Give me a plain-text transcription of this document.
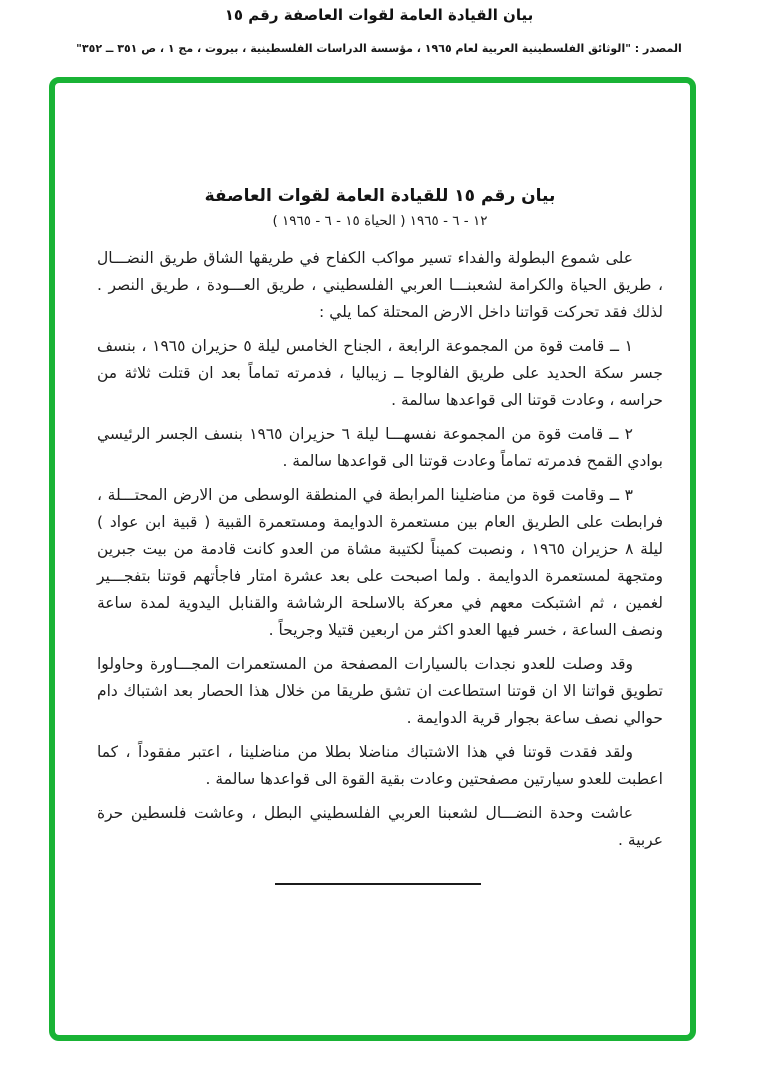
بيان القيادة العامة لقوات العاصفة رقم ١٥
المصدر : "الوثائق الفلسطينية العربية لعام ١٩٦٥ ، مؤسسة الدراسات الفلسطينية ، بيروت ، مج ١ ، ص ٣٥١ ــ ٣٥٢"
بيان رقم ١٥ للقيادة العامة لقوات العاصفة
١٢ - ٦ - ١٩٦٥ ( الحياة ١٥ - ٦ - ١٩٦٥ )

على شموع البطولة والفداء تسير مواكب الكفاح في طريقها الشاق طريق النضـــال ، طريق الحياة والكرامة لشعبنـــا العربي الفلسطيني ، طريق العـــودة ، طريق النصر . لذلك فقد تحركت قواتنا داخل الارض المحتلة كما يلي :

١ ــ قامت قوة من المجموعة الرابعة ، الجناح الخامس ليلة ٥ حزيران ١٩٦٥ ، بنسف جسر سكة الحديد على طريق الفالوجا ــ زيباليا ، فدمرته تماماً بعد ان قتلت ثلاثة من حراسه ، وعادت قوتنا الى قواعدها سالمة .

٢ ــ قامت قوة من المجموعة نفسهـــا ليلة ٦ حزيران ١٩٦٥ بنسف الجسر الرئيسي بوادي القمح فدمرته تماماً وعادت قوتنا الى قواعدها سالمة .

٣ ــ وقامت قوة من مناضلينا المرابطة في المنطقة الوسطى من الارض المحتـــلة ، فرابطت على الطريق العام بين مستعمرة الدوايمة ومستعمرة القبية ( قبية ابن عواد ) ليلة ٨ حزيران ١٩٦٥ ، ونصبت كميناً لكتيبة مشاة من العدو كانت قادمة من بيت جبرين ومتجهة لمستعمرة الدوايمة . ولما اصبحت على بعد عشرة امتار فاجأتهم قوتنا بتفجـــير لغمين ، ثم اشتبكت معهم في معركة بالاسلحة الرشاشة والقنابل اليدوية لمدة ساعة ونصف الساعة ، خسر فيها العدو اكثر من اربعين قتيلا وجريحاً .

وقد وصلت للعدو نجدات بالسيارات المصفحة من المستعمرات المجـــاورة وحاولوا تطويق قواتنا الا ان قوتنا استطاعت ان تشق طريقا من خلال هذا الحصار بعد اشتباك دام حوالي نصف ساعة بجوار قرية الدوايمة .

ولقد فقدت قوتنا في هذا الاشتباك مناضلا بطلا من مناضلينا ، اعتبر مفقوداً ، كما اعطبت للعدو سيارتين مصفحتين وعادت بقية القوة الى قواعدها سالمة .

عاشت وحدة النضـــال لشعبنا العربي الفلسطيني البطل ، وعاشت فلسطين حرة عربية .
